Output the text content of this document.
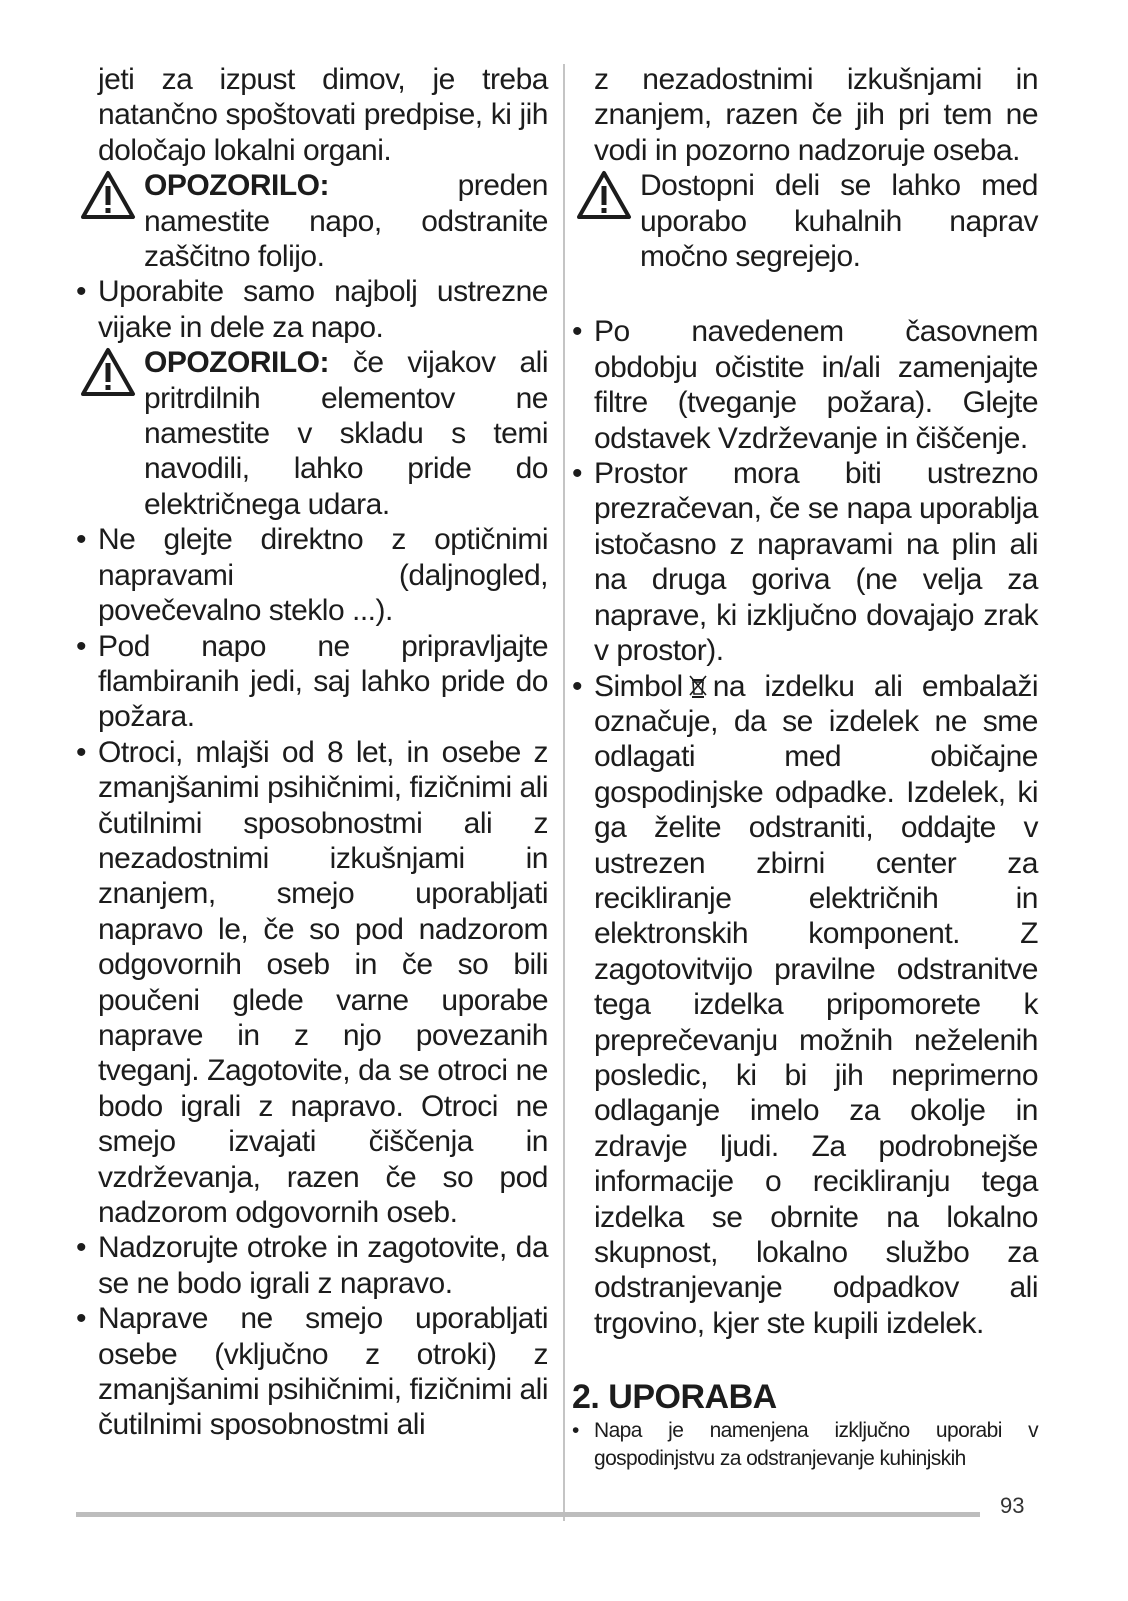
jeti za izpust dimov, je treba natančno spoštovati predpise, ki jih določajo lokalni organi.

OPOZORILO:	preden namestite napo, odstranite zaščitno folijo.

• Uporabite samo najbolj ustrezne vijake in dele za napo.

OPOZORILO: če vijakov ali pritrdilnih elementov ne namestite v skladu s temi navodili, lahko pride do električnega udara.

• Ne glejte direktno z optičnimi napravami (daljnogled, povečevalno steklo ...).
• Pod napo ne pripravljajte flambiranih jedi, saj lahko pride do požara.
• Otroci, mlajši od 8 let, in osebe z zmanjšanimi psihičnimi, fizičnimi ali čutilnimi sposobnostmi ali z nezadostnimi izkušnjami in znanjem, smejo uporabljati napravo le, če so pod nadzorom odgovornih oseb in če so bili poučeni glede varne uporabe naprave in z njo povezanih tveganj. Zagotovite, da se otroci ne bodo igrali z napravo. Otroci ne smejo izvajati čiščenja in vzdrževanja, razen če so pod nadzorom odgovornih oseb.
• Nadzorujte otroke in zagotovite, da se ne bodo igrali z napravo.
• Naprave ne smejo uporabljati osebe (vključno z otroki) z zmanjšanimi psihičnimi, fizičnimi ali čutilnimi sposobnostmi ali

z nezadostnimi izkušnjami in znanjem, razen če jih pri tem ne vodi in pozorno nadzoruje oseba.

Dostopni deli se lahko med uporabo kuhalnih naprav močno segrejejo.

• Po navedenem časovnem obdobju očistite in/ali zamenjajte filtre (tveganje požara). Glejte odstavek Vzdrževanje in čiščenje.
• Prostor mora biti ustrezno prezračevan, če se napa uporablja istočasno z napravami na plin ali na druga goriva (ne velja za naprave, ki izključno dovajajo zrak v prostor).
• Simbol na izdelku ali embalaži označuje, da se izdelek ne sme odlagati med običajne gospodinjske odpadke. Izdelek, ki ga želite odstraniti, oddajte v ustrezen zbirni center za recikliranje električnih in elektronskih komponent. Z zagotovitvijo pravilne odstranitve tega izdelka pripomorete k preprečevanju možnih neželenih posledic, ki bi jih neprimerno odlaganje imelo za okolje in zdravje ljudi. Za podrobnejše informacije o recikliranju tega izdelka se obrnite na lokalno skupnost, lokalno službo za odstranjevanje odpadkov ali trgovino, kjer ste kupili izdelek.
2. UPORABA
• Napa je namenjena izključno uporabi v gospodinjstvu za odstranjevanje kuhinjskih
93
